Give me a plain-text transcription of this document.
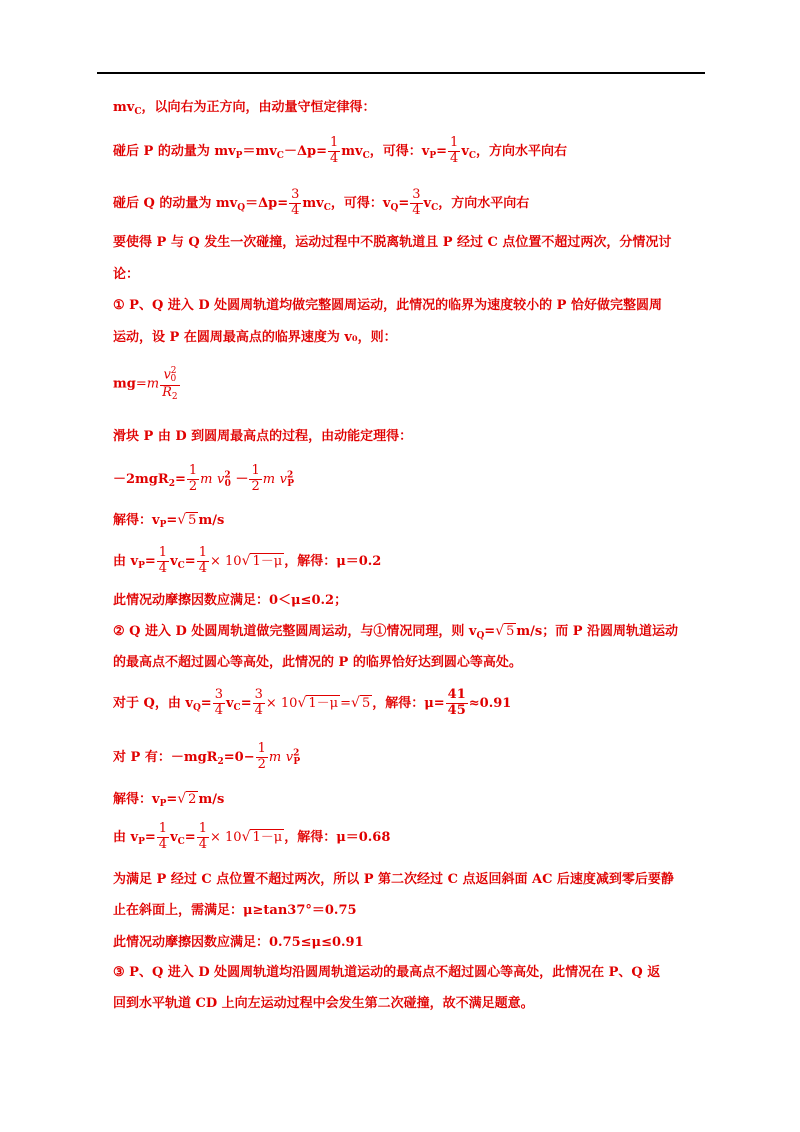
$mv_C$，以向右为正方向，由动量守恒定律得：
碰后 P 的动量为 $mv_P=mv_C-\Delta p= \frac{1}{4} mv_C$，可得：$v_P= \frac{1}{4} v_C$，方向水平向右
碰后 Q 的动量为 $mv_Q=\Delta p= \frac{3}{4} mv_C$，可得：$v_Q= \frac{3}{4} v_C$，方向水平向右
要使得 P 与 Q 发生一次碰撞，运动过程中不脱离轨道且 P 经过 C 点位置不超过两次，分情况讨
论：
① P、Q 进入 D 处圆周轨道均做完整圆周运动，此情况的临界为速度较小的 P 恰好做完整圆周
运动，设 P 在圆周最高点的临界速度为 v₀，则：
$mg=m \frac{v^2_0}{R_2}$
滑块 P 由 D 到圆周最高点的过程，由动能定理得：
$-2mgR_2= \frac{1}{2}$ m $v^2_0 - \frac{1}{2}$ m $v^2_P$
解得：$v_P=√$ 5 m/s
由 $v_P= \frac{1}{4} v_C= \frac{1}{4} \times 10√$ 1－μ ，解得：μ＝0.2
此情况动摩擦因数应满足：0＜μ≤0.2；
② Q 进入 D 处圆周轨道做完整圆周运动，与①情况同理，则 $v_Q=√$ 5 m/s；而 P 沿圆周轨道运动
的最高点不超过圆心等高处，此情况的 P 的临界恰好达到圆心等高处。
对于 Q，由 $v_Q= \frac{3}{4} v_C= \frac{3}{4} \times 10√$ 1－μ =√ 5 ，解得：$\mu= \frac{41}{45} \approx 0.91$
对 P 有：$-mgR_2=0- \frac{1}{2}$ m $v^2_P$
解得：$v_P=√$ 2 m/s
由 $v_P= \frac{1}{4} v_C= \frac{1}{4} \times 10√$ 1－μ ，解得：μ＝0.68
为满足 P 经过 C 点位置不超过两次，所以 P 第二次经过 C 点返回斜面 AC 后速度减到零后要静
止在斜面上，需满足：μ≥tan37°＝0.75
此情况动摩擦因数应满足：0.75≤μ≤0.91
③ P、Q 进入 D 处圆周轨道均沿圆周轨道运动的最高点不超过圆心等高处，此情况在 P、Q 返
回到水平轨道 CD 上向左运动过程中会发生第二次碰撞，故不满足题意。
